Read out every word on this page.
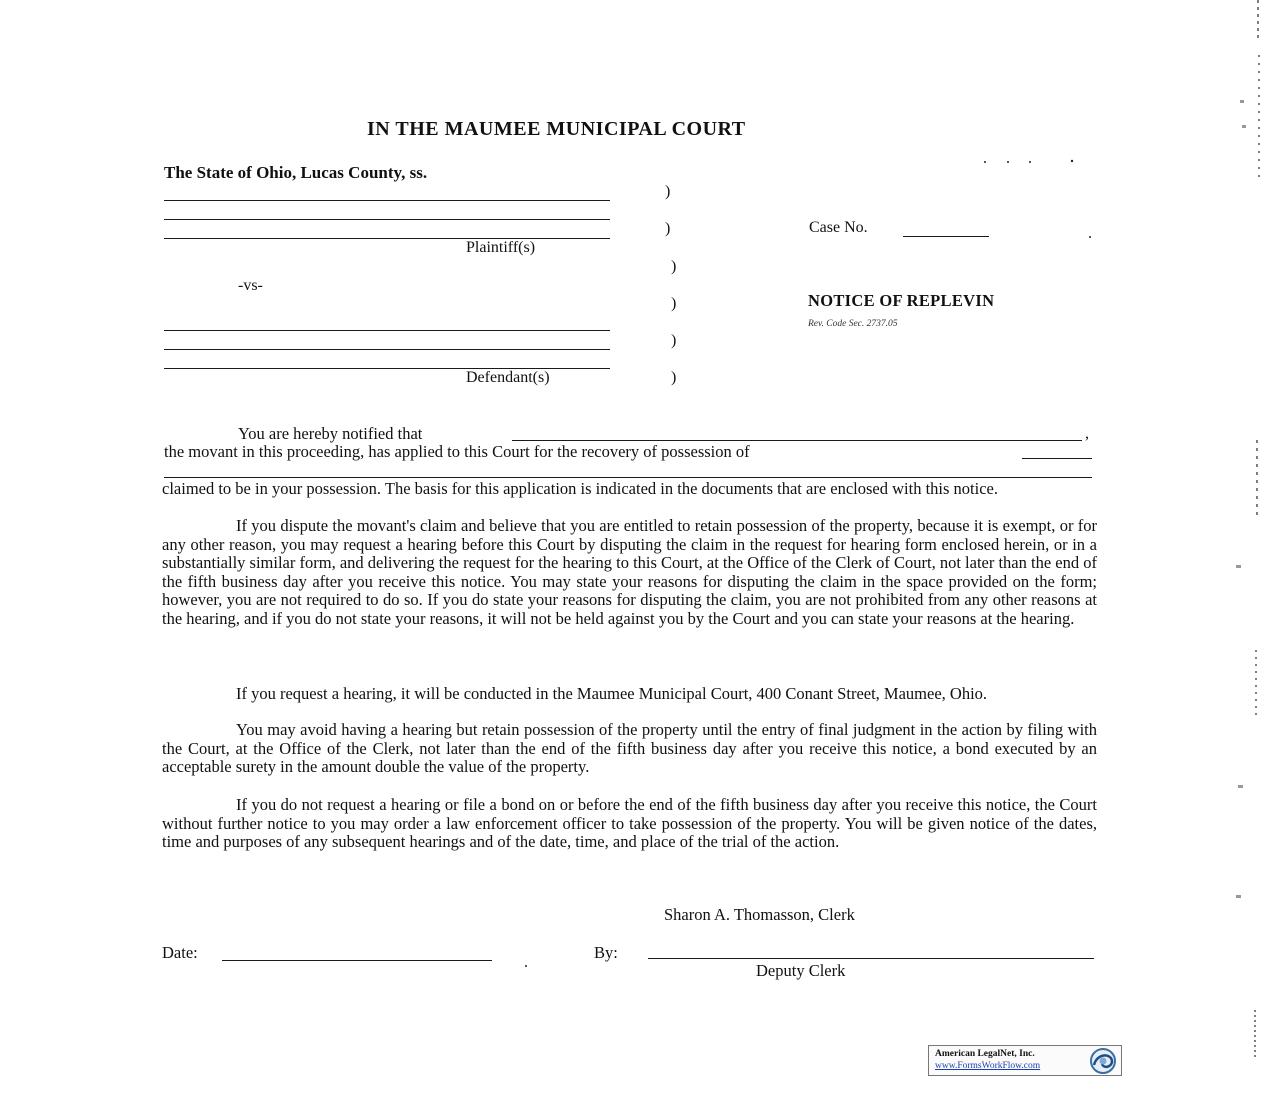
IN THE MAUMEE MUNICIPAL COURT
The State of Ohio, Lucas County, ss.
Plaintiff(s)
-vs-
Defendant(s)
)
)
)
)
)
)
Case No.
NOTICE OF REPLEVIN
Rev. Code Sec. 2737.05
You are hereby notified that	,
the movant in this proceeding, has applied to this Court for the recovery of possession of

claimed to be in your possession. The basis for this application is indicated in the documents that are enclosed with this notice.

If you dispute the movant's claim and believe that you are entitled to retain possession of the property, because it is exempt, or for any other reason, you may request a hearing before this Court by disputing the claim in the request for hearing form enclosed herein, or in a substantially similar form, and delivering the request for the hearing to this Court, at the Office of the Clerk of Court, not later than the end of the fifth business day after you receive this notice. You may state your reasons for disputing the claim in the space provided on the form; however, you are not required to do so. If you do state your reasons for disputing the claim, you are not prohibited from any other reasons at the hearing, and if you do not state your reasons, it will not be held against you by the Court and you can state your reasons at the hearing.

If you request a hearing, it will be conducted in the Maumee Municipal Court, 400 Conant Street, Maumee, Ohio.

You may avoid having a hearing but retain possession of the property until the entry of final judgment in the action by filing with the Court, at the Office of the Clerk, not later than the end of the fifth business day after you receive this notice, a bond executed by an acceptable surety in the amount double the value of the property.

If you do not request a hearing or file a bond on or before the end of the fifth business day after you receive this notice, the Court without further notice to you may order a law enforcement officer to take possession of the property. You will be given notice of the dates, time and purposes of any subsequent hearings and of the date, time, and place of the trial of the action.

Sharon A. Thomasson, Clerk
Date:	By:
Deputy Clerk
American LegalNet, Inc.
www.FormsWorkFlow.com
